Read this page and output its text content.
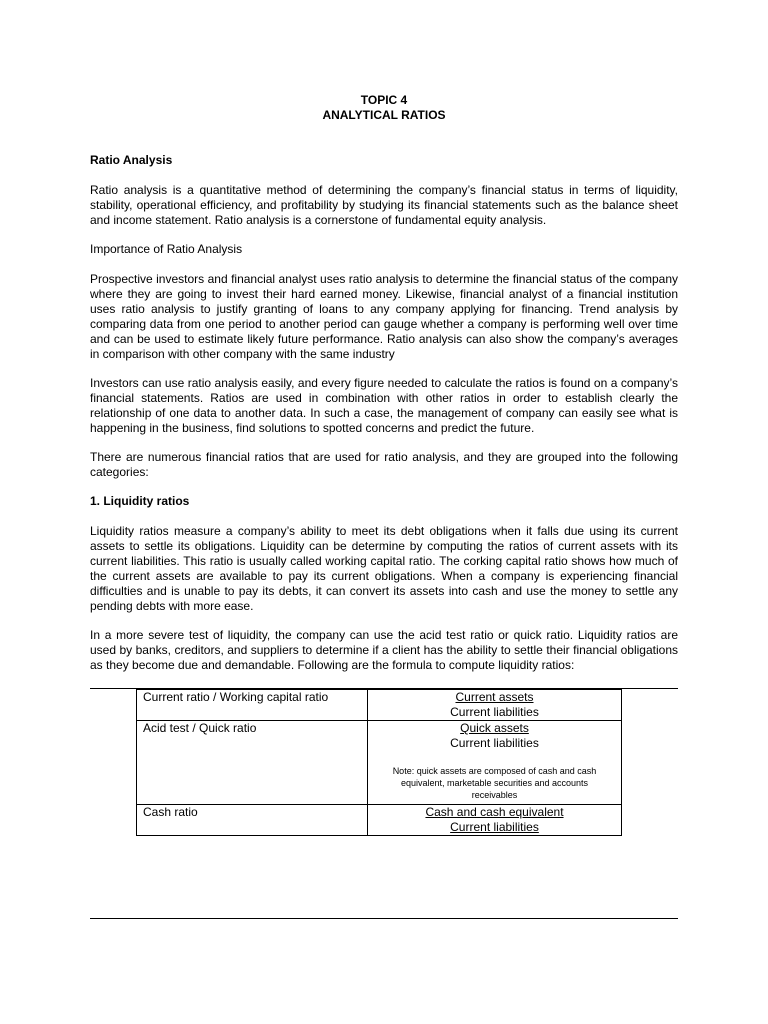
TOPIC 4
ANALYTICAL RATIOS
Ratio Analysis

Ratio analysis is a quantitative method of determining the company’s financial status in terms of liquidity, stability, operational efficiency, and profitability by studying its financial statements such as the balance sheet and income statement. Ratio analysis is a cornerstone of fundamental equity analysis.

Importance of Ratio Analysis

Prospective investors and financial analyst uses ratio analysis to determine the financial status of the company where they are going to invest their hard earned money. Likewise, financial analyst of a financial institution uses ratio analysis to justify granting of loans to any company applying for financing. Trend analysis by comparing data from one period to another period can gauge whether a company is performing well over time and can be used to estimate likely future performance. Ratio analysis can also show the company’s averages in comparison with other company with the same industry

Investors can use ratio analysis easily, and every figure needed to calculate the ratios is found on a company’s financial statements. Ratios are used in combination with other ratios in order to establish clearly the relationship of one data to another data. In such a case, the management of company can easily see what is happening in the business, find solutions to spotted concerns and predict the future.

There are numerous financial ratios that are used for ratio analysis, and they are grouped into the following categories:

1. Liquidity ratios

Liquidity ratios measure a company’s ability to meet its debt obligations when it falls due using its current assets to settle its obligations. Liquidity can be determine by computing the ratios of current assets with its current liabilities. This ratio is usually called working capital ratio. The corking capital ratio shows how much of the current assets are available to pay its current obligations. When a company is experiencing financial difficulties and is unable to pay its debts, it can convert its assets into cash and use the money to settle any pending debts with more ease.

In a more severe test of liquidity, the company can use the acid test ratio or quick ratio. Liquidity ratios are used by banks, creditors, and suppliers to determine if a client has the ability to settle their financial obligations as they become due and demandable. Following are the formula to compute liquidity ratios:

Current ratio / Working capital ratio	Current assets
Current liabilities

Acid test / Quick ratio	Quick assets
Current liabilities
Note: quick assets are composed of cash and cash equivalent, marketable securities and accounts receivables

Cash ratio	Cash and cash equivalent
Current liabilities
